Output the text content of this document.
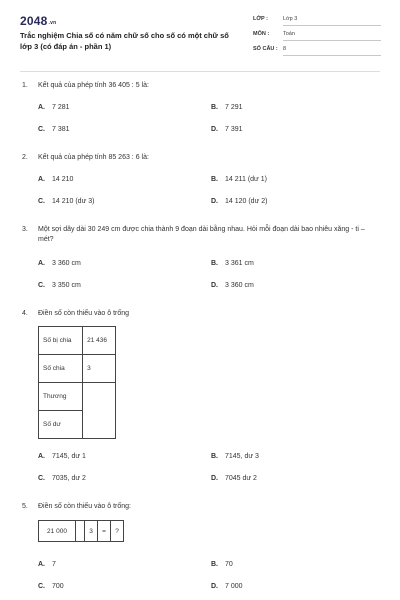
$2048^{.vn}$
Trắc nghiệm Chia số có năm chữ số cho số có một chữ số lớp 3 (có đáp án - phần 1)
LỚP :	Lớp 3
MÔN :	Toán
SỐ CÂU : 8
1. Kết quả của phép tính 36 405 : 5 là:
A. 7 281	B. 7 291
C. 7 381	D. 7 391
2. Kết quả của phép tính 85 263 : 6 là:
A. 14 210	B. 14 211 (dư 1)
C. 14 210 (dư 3)	D. 14 120 (dư 2)
3. Một sợi dây dài 30 249 cm được chia thành 9 đoạn dài bằng nhau. Hỏi mỗi đoạn dài bao nhiêu xăng - ti – mét?
A. 3 360 cm	B. 3 361 cm
C. 3 350 cm	D. 3 360 cm
4. Điền số còn thiếu vào ô trống
Số bị chia	21 436
Số chia	3
Thương	
Số dư	
A. 7145, dư 1	B. 7145, dư 3
C. 7035, dư 2	D. 7045 dư 2
5. Điền số còn thiếu vào ô trống:
21 000		3	=	?
A. 7	B. 70
C. 700	D. 7 000
